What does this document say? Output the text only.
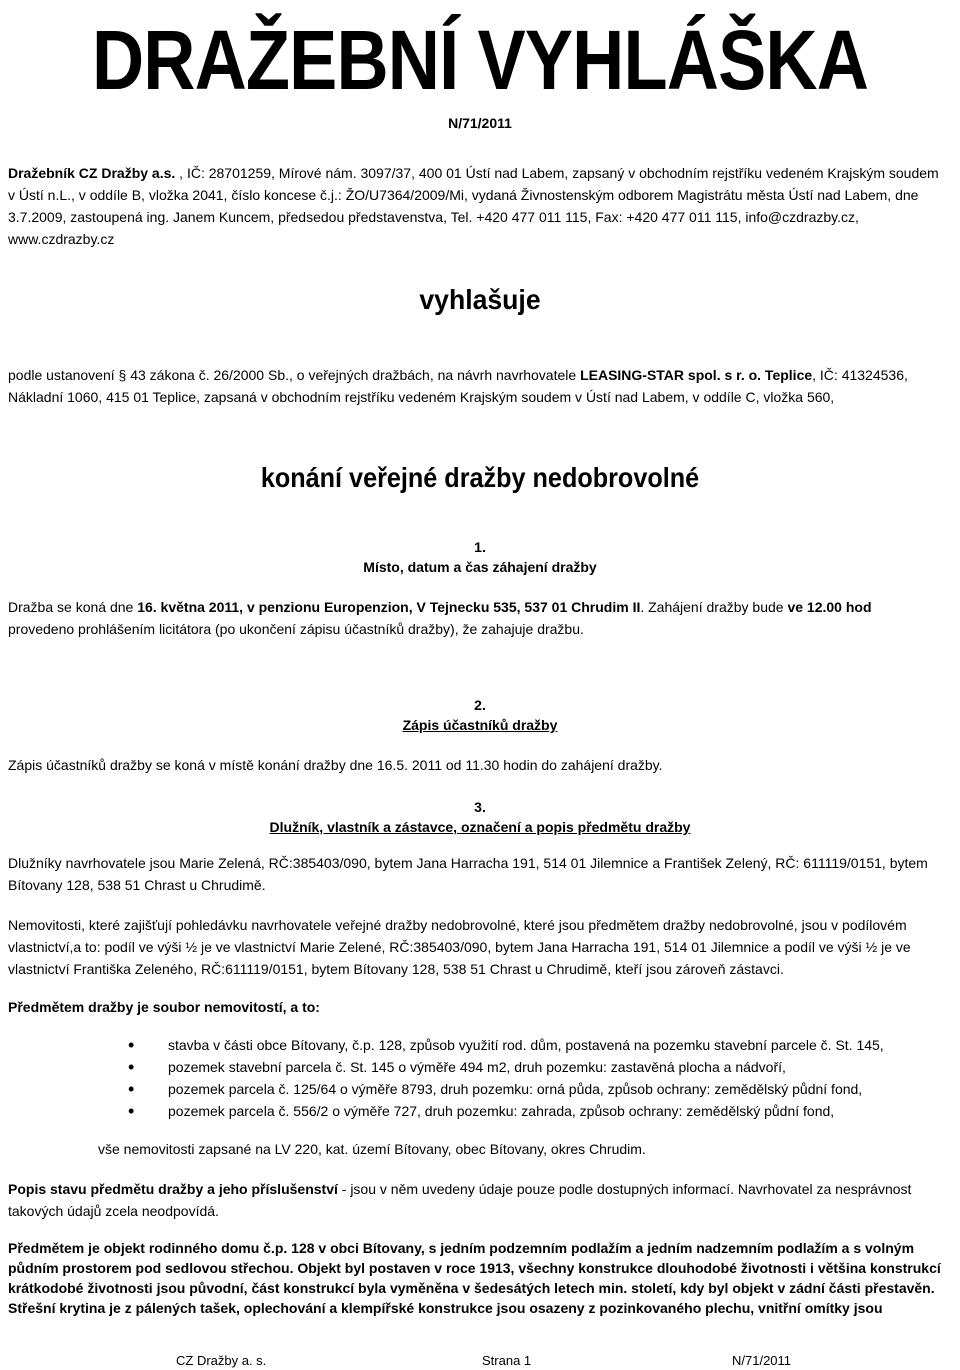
DRAŽEBNÍ VYHLÁŠKA
N/71/2011
Dražebník CZ Dražby a.s. , IČ: 28701259, Mírové nám. 3097/37, 400 01 Ústí nad Labem, zapsaný v obchodním rejstříku vedeném Krajským soudem
v Ústí n.L., v oddíle B, vložka 2041, číslo koncese č.j.: ŽO/U7364/2009/Mi, vydaná Živnostenským odborem Magistrátu města Ústí nad Labem, dne
3.7.2009, zastoupená ing. Janem Kuncem, předsedou představenstva, Tel. +420 477 011 115, Fax: +420 477 011 115, info@czdrazby.cz,
www.czdrazby.cz
vyhlašuje
podle ustanovení § 43 zákona č. 26/2000 Sb., o veřejných dražbách, na návrh navrhovatele LEASING-STAR spol. s r. o. Teplice, IČ: 41324536,
Nákladní 1060, 415 01 Teplice, zapsaná v obchodním rejstříku vedeném Krajským soudem v Ústí nad Labem, v oddíle C, vložka 560,
konání veřejné dražby nedobrovolné
1.
Místo, datum a čas záhajení dražby
Dražba se koná dne 16. května 2011, v penzionu Europenzion, V Tejnecku 535, 537 01 Chrudim II. Zahájení dražby bude ve 12.00 hod
provedeno prohlášením licitátora (po ukončení zápisu účastníků dražby), že zahajuje dražbu.
2.
Zápis účastníků dražby
Zápis účastníků dražby se koná v místě konání dražby dne 16.5. 2011 od 11.30 hodin do zahájení dražby.
3.
Dlužník, vlastník a zástavce, označení a popis předmětu dražby
Dlužníky navrhovatele jsou Marie Zelená, RČ:385403/090, bytem Jana Harracha 191, 514 01 Jilemnice a František Zelený, RČ: 611119/0151, bytem
Bítovany 128, 538 51 Chrast u Chrudimě.
Nemovitosti, které zajišťují pohledávku navrhovatele veřejné dražby nedobrovolné, které jsou předmětem dražby nedobrovolné, jsou v podílovém
vlastnictví,a to: podíl ve výši ½ je ve vlastnictví Marie Zelené, RČ:385403/090, bytem Jana Harracha 191, 514 01 Jilemnice a podíl ve výši ½ je ve
vlastnictví Františka Zeleného, RČ:611119/0151, bytem Bítovany 128, 538 51 Chrast u Chrudimě, kteří jsou zároveň zástavci.
Předmětem dražby je soubor nemovitostí, a to:
• stavba v části obce Bítovany, č.p. 128, způsob využití rod. dům, postavená na pozemku stavební parcele č. St. 145,
• pozemek stavební parcela č. St. 145 o výměře 494 m2, druh pozemku: zastavěná plocha a nádvoří,
• pozemek parcela č. 125/64 o výměře 8793, druh pozemku: orná půda, způsob ochrany: zemědělský půdní fond,
• pozemek parcela č. 556/2 o výměře 727, druh pozemku: zahrada, způsob ochrany: zemědělský půdní fond,
vše nemovitosti zapsané na LV 220, kat. území Bítovany, obec Bítovany, okres Chrudim.
Popis stavu předmětu dražby a jeho příslušenství - jsou v něm uvedeny údaje pouze podle dostupných informací. Navrhovatel za nesprávnost
takových údajů zcela neodpovídá.
Předmětem je objekt rodinného domu č.p. 128 v obci Bítovany, s jedním podzemním podlažím a jedním nadzemním podlažím a s volným
půdním prostorem pod sedlovou střechou. Objekt byl postaven v roce 1913, všechny konstrukce dlouhodobé životnosti i většina konstrukcí
krátkodobé životnosti jsou původní, část konstrukcí byla vyměněna v šedesátých letech min. století, kdy byl objekt v zádní části přestavěn.
Střešní krytina je z pálených tašek, oplechování a klempířské konstrukce jsou osazeny z pozinkovaného plechu, vnitřní omítky jsou
CZ Dražby a. s.	Strana 1	N/71/2011
